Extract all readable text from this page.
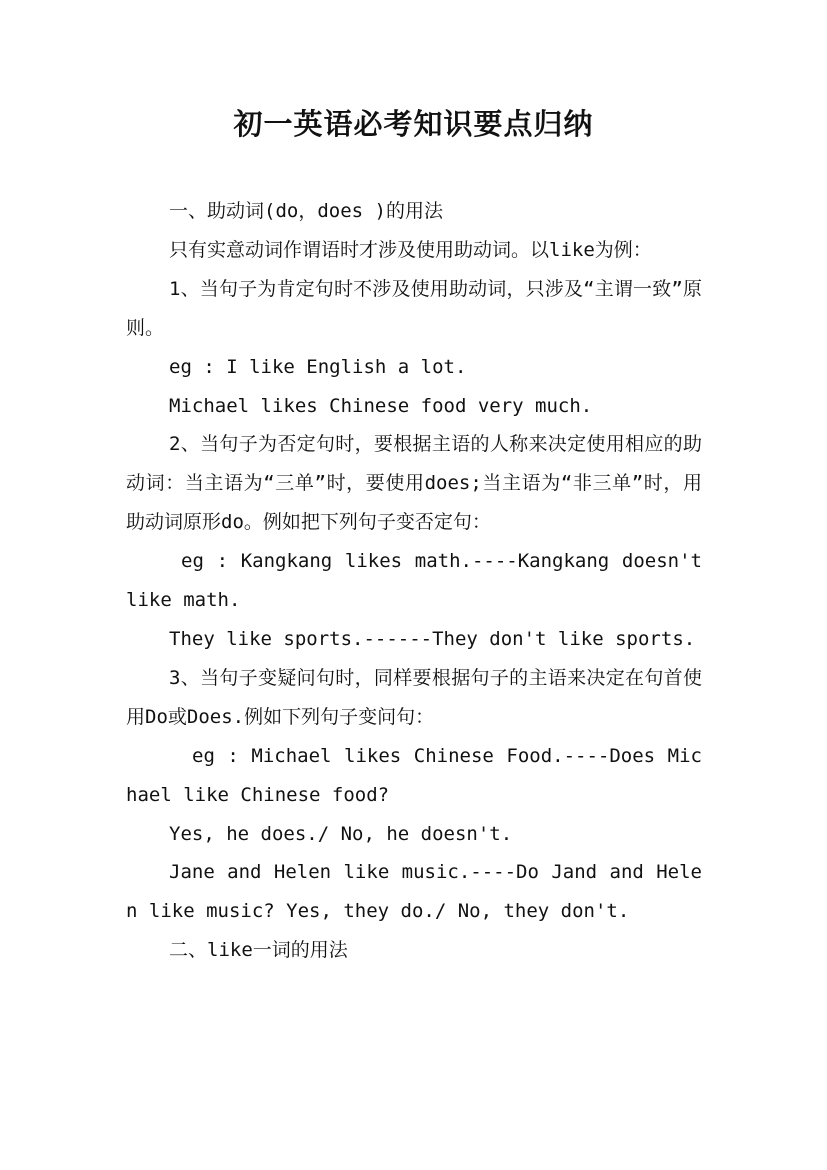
初一英语必考知识要点归纳

一、助动词(do，does )的用法

只有实意动词作谓语时才涉及使用助动词。以like为例：

1、当句子为肯定句时不涉及使用助动词，只涉及“主谓一致”原则。

eg : I like English a lot.

Michael likes Chinese food very much.

2、当句子为否定句时，要根据主语的人称来决定使用相应的助动词：当主语为“三单”时，要使用does;当主语为“非三单”时，用助动词原形do。例如把下列句子变否定句：

eg : Kangkang likes math.----Kangkang doesn't like math.

They like sports.------They don't like sports.

3、当句子变疑问句时，同样要根据句子的主语来决定在句首使用Do或Does.例如下列句子变问句：

eg : Michael likes Chinese Food.----Does Michael like Chinese food?

Yes, he does./ No, he doesn't.

Jane and Helen like music.----Do Jand and Helen like music? Yes, they do./ No, they don't.

二、like一词的用法
